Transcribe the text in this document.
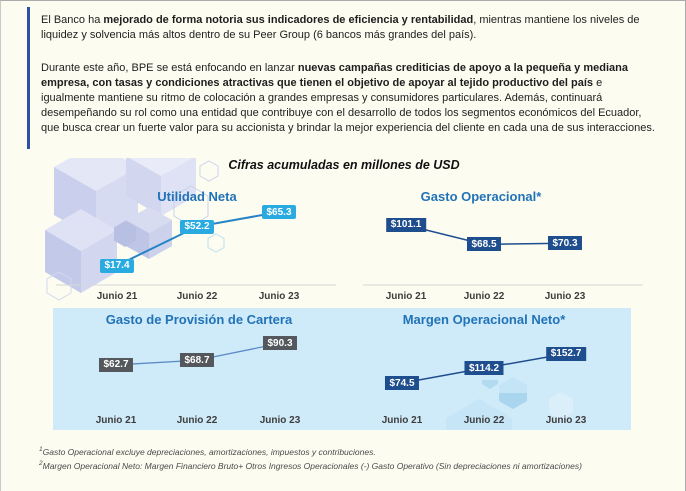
El Banco ha mejorado de forma notoria sus indicadores de eficiencia y rentabilidad, mientras mantiene los niveles de liquidez y solvencia más altos dentro de su Peer Group (6 bancos más grandes del país).
Durante este año, BPE se está enfocando en lanzar nuevas campañas crediticias de apoyo a la pequeña y mediana empresa, con tasas y condiciones atractivas que tienen el objetivo de apoyar al tejido productivo del país e igualmente mantiene su ritmo de colocación a grandes empresas y consumidores particulares. Además, continuará desempeñando su rol como una entidad que contribuye con el desarrollo de todos los segmentos económicos del Ecuador, que busca crear un fuerte valor para su accionista y brindar la mejor experiencia del cliente en cada una de sus interacciones.
Cifras acumuladas en millones de USD
Utilidad Neta
$17.4
$52.2
$65.3
Junio 21	Junio 22	Junio 23
Gasto Operacional*
$101.1
$68.5	$70.3
Junio 21	Junio 22	Junio 23
Gasto de Provisión de Cartera
$62.7	$68.7
$90.3
Junio 21	Junio 22	Junio 23
Margen Operacional Neto*
$74.5
$114.2
$152.7
Junio 21	Junio 22	Junio 23
$^1$Gasto Operacional excluye depreciaciones, amortizaciones, impuestos y contribuciones.
$^2$Margen Operacional Neto: Margen Financiero Bruto+ Otros Ingresos Operacionales (-) Gasto Operativo (Sin depreciaciones ni amortizaciones)
